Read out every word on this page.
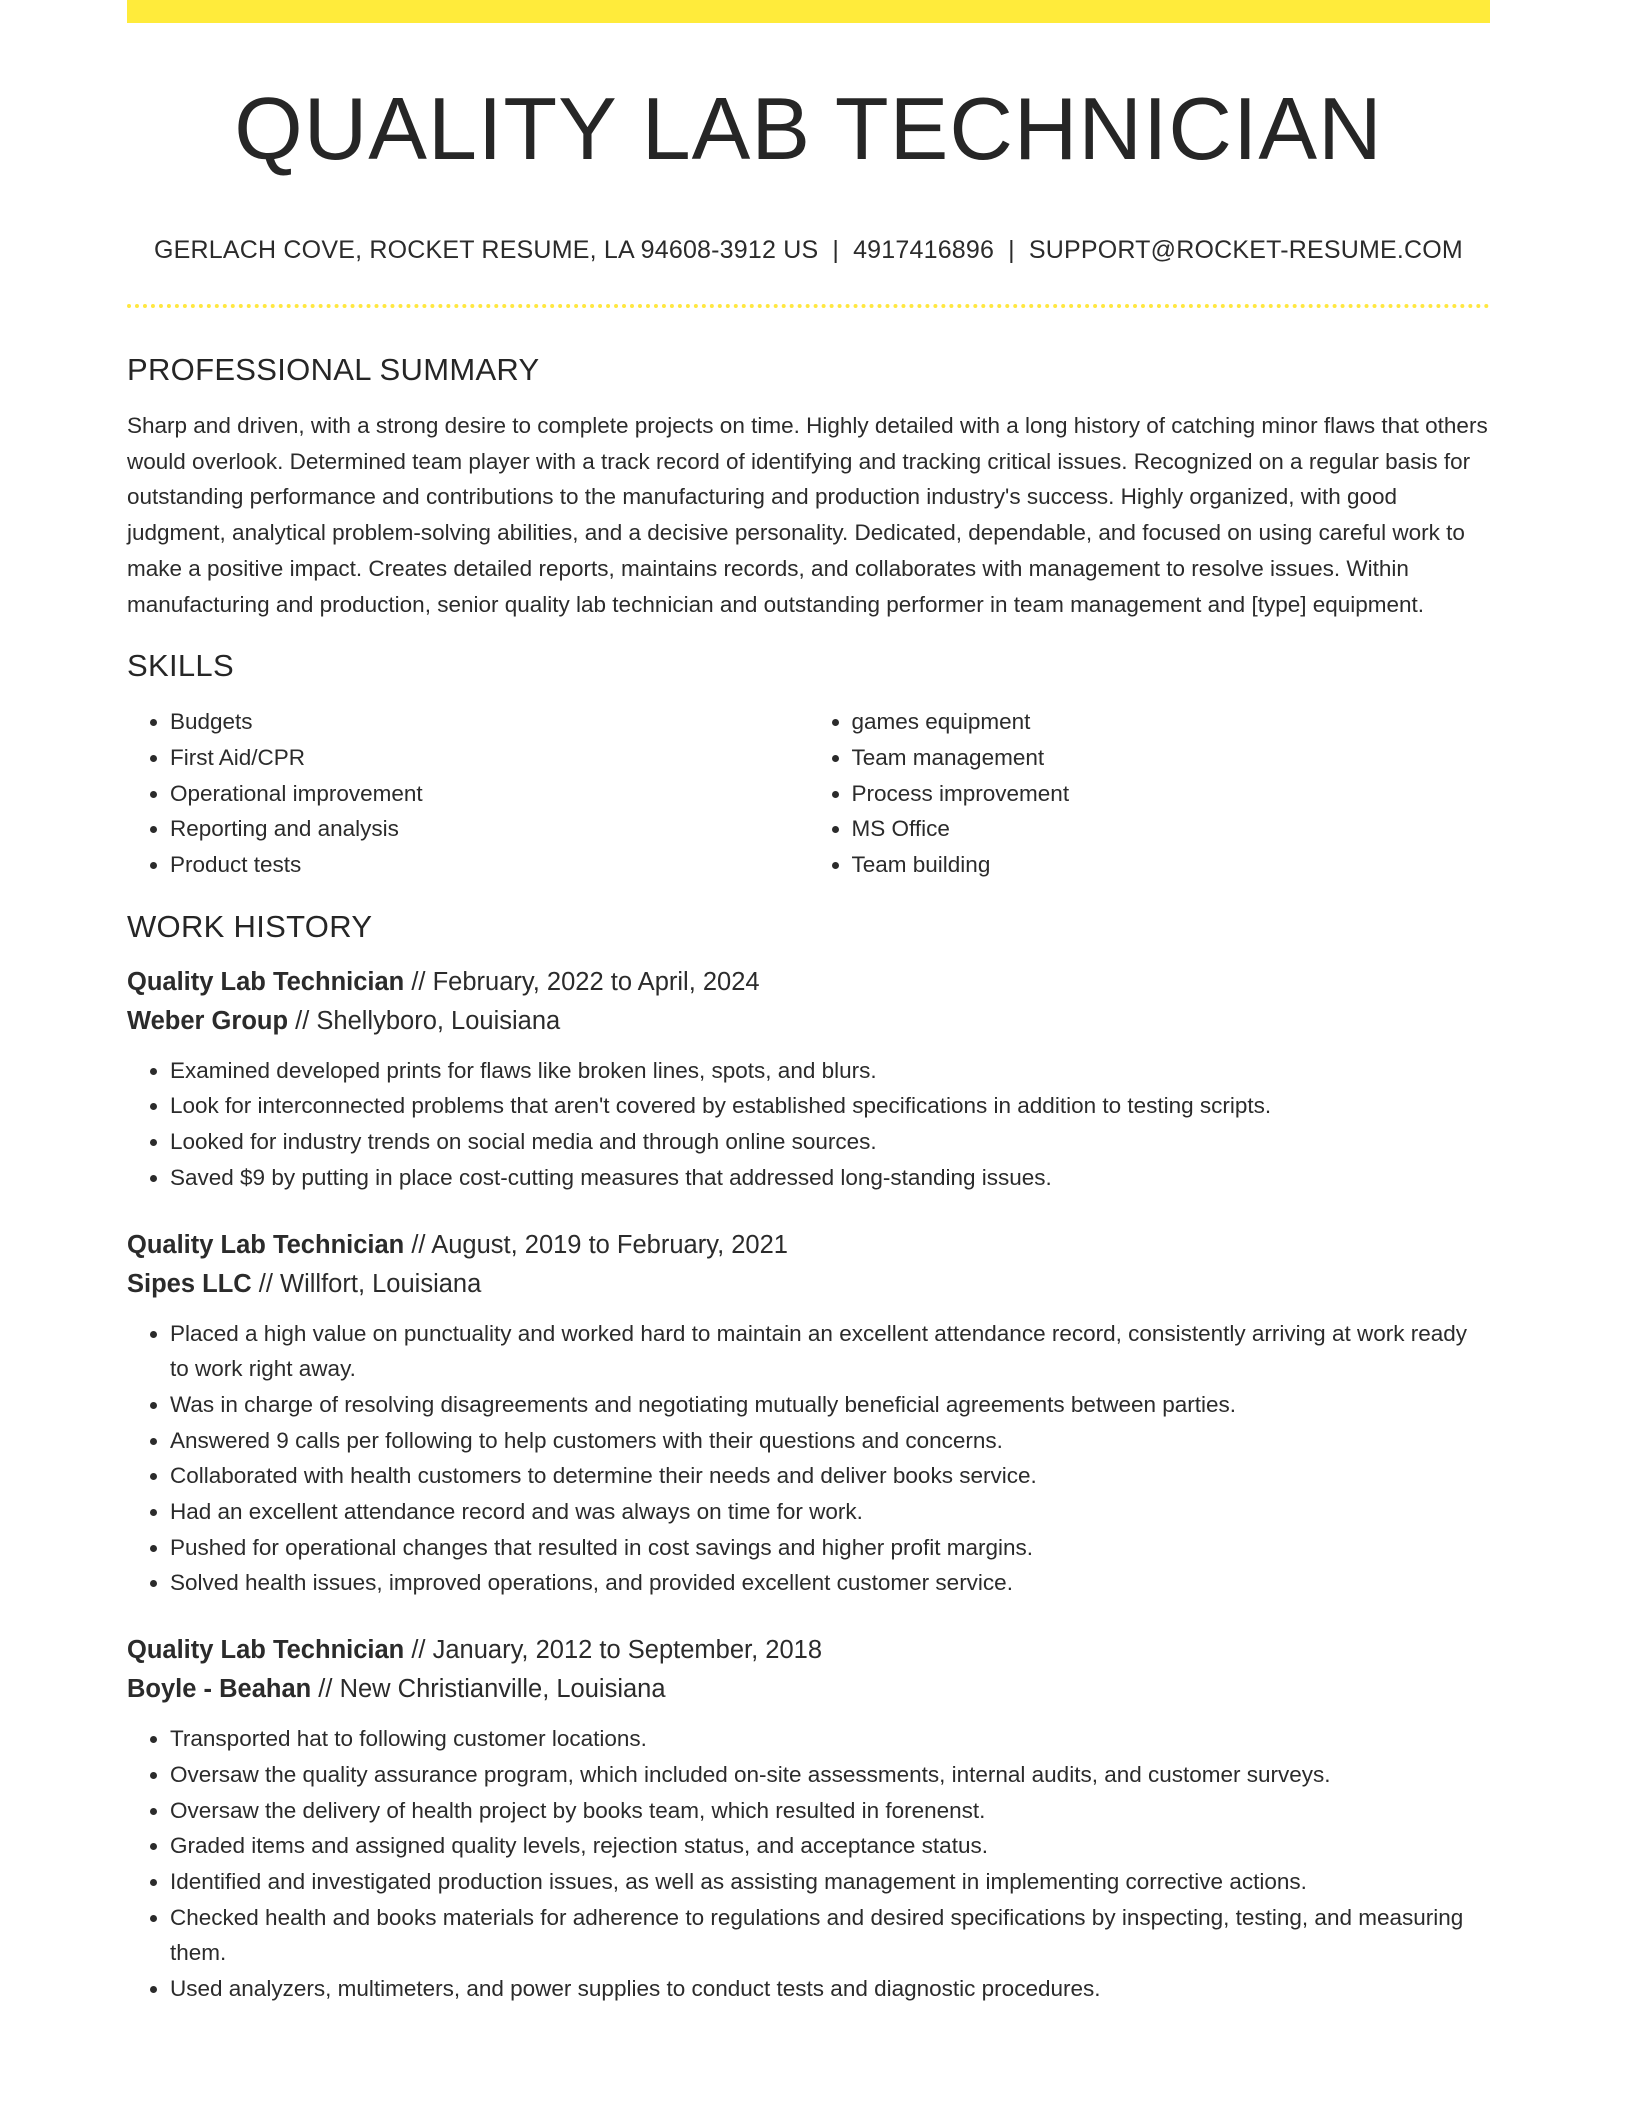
QUALITY LAB TECHNICIAN
GERLACH COVE, ROCKET RESUME, LA 94608-3912 US | 4917416896 | SUPPORT@ROCKET-RESUME.COM
PROFESSIONAL SUMMARY

Sharp and driven, with a strong desire to complete projects on time. Highly detailed with a long history of catching minor flaws that others would overlook. Determined team player with a track record of identifying and tracking critical issues. Recognized on a regular basis for outstanding performance and contributions to the manufacturing and production industry's success. Highly organized, with good judgment, analytical problem-solving abilities, and a decisive personality. Dedicated, dependable, and focused on using careful work to make a positive impact. Creates detailed reports, maintains records, and collaborates with management to resolve issues. Within manufacturing and production, senior quality lab technician and outstanding performer in team management and [type] equipment.

SKILLS
• Budgets
• First Aid/CPR
• Operational improvement
• Reporting and analysis
• Product tests
• games equipment
• Team management
• Process improvement
• MS Office
• Team building
WORK HISTORY
Quality Lab Technician // February, 2022 to April, 2024
Weber Group // Shellyboro, Louisiana
• Examined developed prints for flaws like broken lines, spots, and blurs.
• Look for interconnected problems that aren't covered by established specifications in addition to testing scripts.
• Looked for industry trends on social media and through online sources.
• Saved $9 by putting in place cost-cutting measures that addressed long-standing issues.
Quality Lab Technician // August, 2019 to February, 2021
Sipes LLC // Willfort, Louisiana
• Placed a high value on punctuality and worked hard to maintain an excellent attendance record, consistently arriving at work ready to work right away.
• Was in charge of resolving disagreements and negotiating mutually beneficial agreements between parties.
• Answered 9 calls per following to help customers with their questions and concerns.
• Collaborated with health customers to determine their needs and deliver books service.
• Had an excellent attendance record and was always on time for work.
• Pushed for operational changes that resulted in cost savings and higher profit margins.
• Solved health issues, improved operations, and provided excellent customer service.
Quality Lab Technician // January, 2012 to September, 2018
Boyle - Beahan // New Christianville, Louisiana
• Transported hat to following customer locations.
• Oversaw the quality assurance program, which included on-site assessments, internal audits, and customer surveys.
• Oversaw the delivery of health project by books team, which resulted in forenenst.
• Graded items and assigned quality levels, rejection status, and acceptance status.
• Identified and investigated production issues, as well as assisting management in implementing corrective actions.
• Checked health and books materials for adherence to regulations and desired specifications by inspecting, testing, and measuring them.
• Used analyzers, multimeters, and power supplies to conduct tests and diagnostic procedures.
